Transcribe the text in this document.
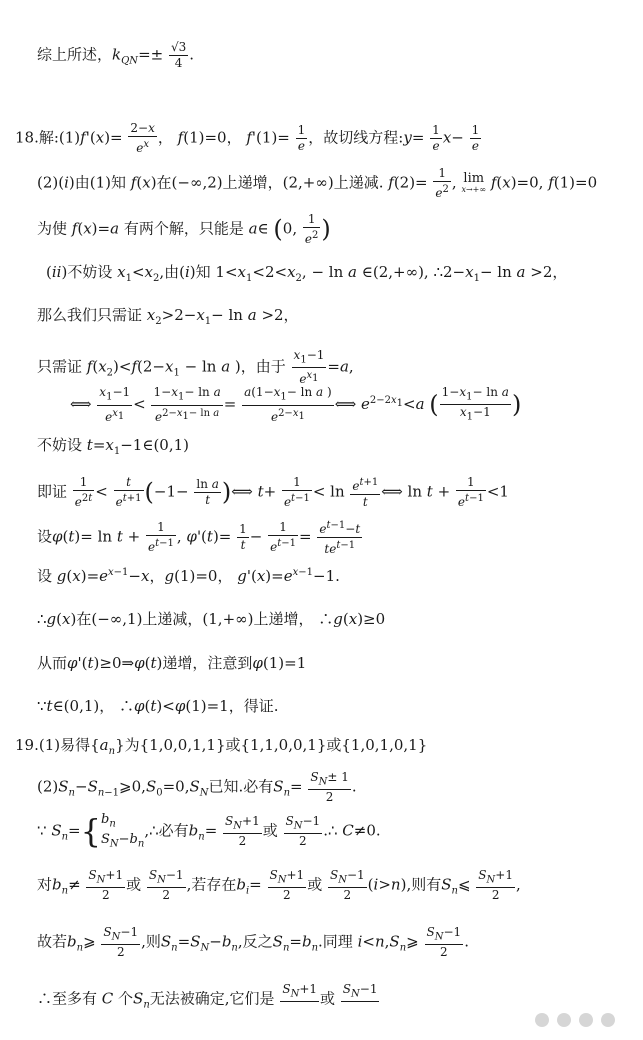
综上所述，$k_{QN}=\pm \frac{√3}{4}$ .
18.解:(1)f'(x)= $\frac{2-x}{e^x}$ ， f(1)=0， $f'(1)= \frac{1}{e}$ ，故切线方程:y= $\frac{1}{e} x- \frac{1}{e}$
(2)(i)由(1)知 f(x)在(−∞,2)上递增，(2,+∞)上递减. $f(2)= \frac{1}{e^2}$ , lim
x→+∞ f(x)=0, f(1)=0
为使 f(x)=a 有两个解，只能是 a∈ (0, $\frac{1}{e^2}$ )
(ii)不妨设 $x_1<x_2$,由(i)知 $1<x_1<2<x_2$, − ln a ∈(2,+∞), $\therefore 2-x_1- \ln a >2$，
那么我们只需证 $x_2>2-x_1- \ln a >2$，
只需证 $f(x_2)<f(2-x_1 - \ln a$ )，由于 $\frac{x_1-1}{e^{x_1}} =a$,
⟺ $\frac{x_1-1}{e^{x_1}} < \frac{1-x_1- \ln a}{e^{2-x_1- ln a}} = \frac{a(1-x_1- \ln a )}{e^{2-x_1}}$ ⟺ $e^{2-2x_1}<a$ ( $\frac{1-x_1- \ln a}{x_1-1}$ )
不妨设 $t=x_1-1\in(0,1)$
即证 $\frac{1}{e^{2t}} < \frac{t}{e^{t+1}} (-1- \frac{\text{ln a}}{t}$ )⟺ $t+ \frac{1}{e^{t-1}} < \ln \frac{e^{t+1}}{t}$ ⟺ $\ln t + \frac{1}{e^{t-1}} <1$
设$\varphi(t)= \ln t + \frac{1}{e^{t-1}}$ , $\varphi'(t)= \frac{1}{t} - \frac{1}{e^{t-1}} = e^{t-1}-t$
$te^{t-1}$
设 $g(x)=e^{x-1}-x$，g(1)=0， $g'(x)=e^{x-1}-1$.
∴g(x)在(−∞,1)上递减，(1,+∞)上递增， ∴g(x)≥0
从而φ'(t)≥0⇒φ(t)递增，注意到φ(1)=1
∵t∈(0,1)， ∴φ(t)<φ(1)=1，得证.
19.(1)易得$\{a_n\}$为{1,0,0,1,1}或{1,1,0,0,1}或{1,0,1,0,1}
$(2)S_n-S_{n-1}⩾0,S_0=0,S_N$已知.必有$S_n= \frac{S_N\pm 1}{2}$ .
∵ $S_n=\{b_n$
$S_N-b_n,\therefore$必有$b_n= \frac{S_N+1}{2}$ 或 $\frac{S_N-1}{2}$ .∴ C≠0.
对$b_n\ne \frac{S_N+1}{2}$ 或 $\frac{S_N-1}{2}$ ,若存在$b_i= \frac{S_N+1}{2}$ 或 $\frac{S_N-1}{2} (i>n)$,则有$S_n⩽ \frac{S_N+1}{2}$ ,
故若$b_n⩾ \frac{S_N-1}{2}$ ,则$S_n=S_N-b_n$,反之$S_n=b_n$.同理 $i<n,S_n⩾ \frac{S_N-1}{2}$ .
∴至多有 C 个$S_n$无法被确定,它们是
$S_N+1$

或
$S_N-1$
